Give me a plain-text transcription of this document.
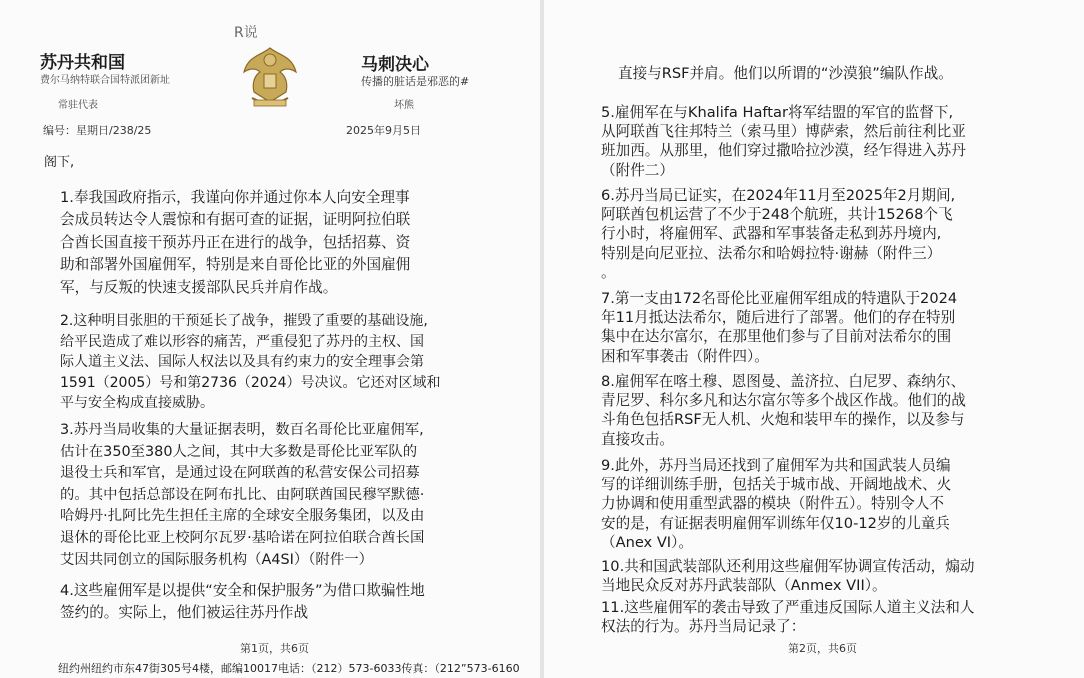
R说
苏丹共和国
费尔马纳特联合国特派团新址
常驻代表
马刺决心
传播的脏话是邪恶的#
坏熊
编号：星期日/238/25	2025年9月5日
阁下,

1.奉我国政府指示，我谨向你并通过你本人向安全理事

会成员转达令人震惊和有据可查的证据，证明阿拉伯联

合酋长国直接干预苏丹正在进行的战争，包括招募、资

助和部署外国雇佣军，特别是来自哥伦比亚的外国雇佣

军，与反叛的快速支援部队民兵并肩作战。

2.这种明目张胆的干预延长了战争，摧毁了重要的基础设施,

给平民造成了难以形容的痛苦，严重侵犯了苏丹的主权、国

际人道主义法、国际人权法以及具有约束力的安全理事会第

1591（2005）号和第2736（2024）号决议。它还对区域和

平与安全构成直接威胁。

3.苏丹当局收集的大量证据表明，数百名哥伦比亚雇佣军,

估计在350至380人之间，其中大多数是哥伦比亚军队的

退役士兵和军官，是通过设在阿联酋的私营安保公司招募

的。其中包括总部设在阿布扎比、由阿联酋国民穆罕默德·

哈姆丹·扎阿比先生担任主席的全球安全服务集团，以及由

退休的哥伦比亚上校阿尔瓦罗·基哈诺在阿拉伯联合酋长国

艾因共同创立的国际服务机构（A4SI）（附件一）

4.这些雇佣军是以提供“安全和保护服务”为借口欺骗性地

签约的。实际上，他们被运往苏丹作战

第1页，共6页
纽约州纽约市东47街305号4楼，邮编10017电话：（212）573-6033传真：（212”573-6160

直接与RSF并肩。他们以所谓的“沙漠狼”编队作战。

5.雇佣军在与Khalifa Haftar将军结盟的军官的监督下,

从阿联酋飞往邦特兰（索马里）博萨索，然后前往利比亚

班加西。从那里，他们穿过撒哈拉沙漠，经乍得进入苏丹

（附件二）

6.苏丹当局已证实，在2024年11月至2025年2月期间,

阿联酋包机运营了不少于248个航班，共计15268个飞

行小时，将雇佣军、武器和军事装备走私到苏丹境内,

特别是向尼亚拉、法希尔和哈姆拉特·谢赫（附件三）

。

7.第一支由172名哥伦比亚雇佣军组成的特遣队于2024

年11月抵达法希尔，随后进行了部署。他们的存在特别

集中在达尔富尔，在那里他们参与了目前对法希尔的围

困和军事袭击（附件四）。

8.雇佣军在喀土穆、恩图曼、盖济拉、白尼罗、森纳尔、

青尼罗、科尔多凡和达尔富尔等多个战区作战。他们的战

斗角色包括RSF无人机、火炮和装甲车的操作，以及参与

直接攻击。

9.此外，苏丹当局还找到了雇佣军为共和国武装人员编

写的详细训练手册，包括关于城市战、开阔地战术、火

力协调和使用重型武器的模块（附件五）。特别令人不

安的是，有证据表明雇佣军训练年仅10-12岁的儿童兵

（Anex VI）。

10.共和国武装部队还利用这些雇佣军协调宣传活动，煽动

当地民众反对苏丹武装部队（Anmex VII）。

11.这些雇佣军的袭击导致了严重违反国际人道主义法和人

权法的行为。苏丹当局记录了：

第2页，共6页
